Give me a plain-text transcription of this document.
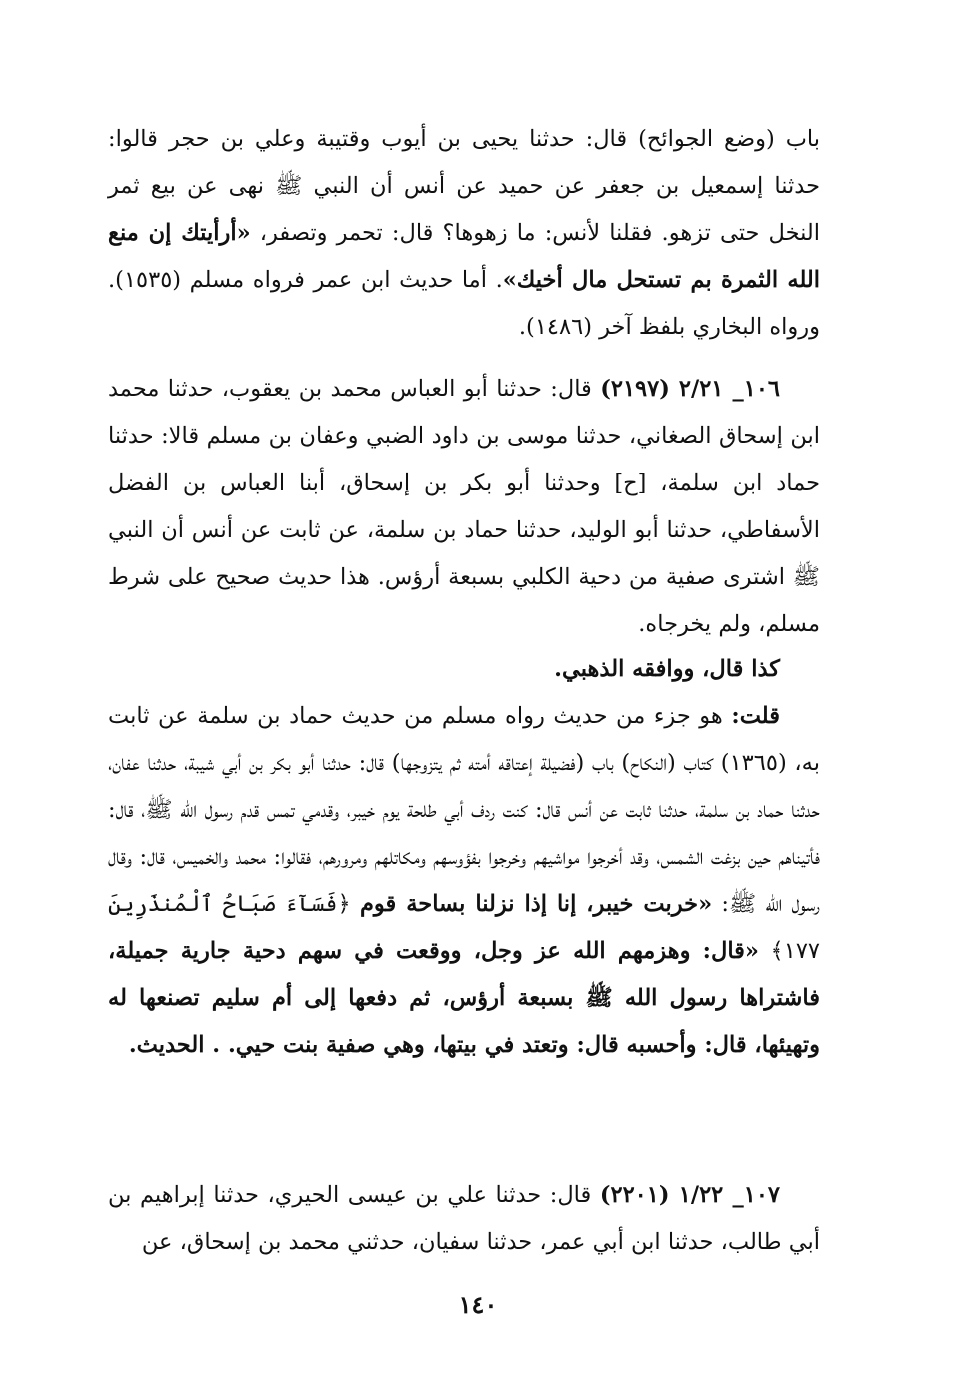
باب (وضع الجوائح) قال: حدثنا يحيى بن أيوب وقتيبة وعلي بن حجر قالوا: حدثنا إسمعيل بن جعفر عن حميد عن أنس أن النبي ﷺ نهى عن بيع ثمر النخل حتى تزهو. فقلنا لأنس: ما زهوها؟ قال: تحمر وتصفر، «أرأيتك إن منع الله الثمرة بم تستحل مال أخيك». أما حديث ابن عمر فرواه مسلم (١٥٣٥). ورواه البخاري بلفظ آخر (١٤٨٦).

١٠٦_ ٢/٢١ (٢١٩٧) قال: حدثنا أبو العباس محمد بن يعقوب، حدثنا محمد ابن إسحاق الصغاني، حدثنا موسى بن داود الضبي وعفان بن مسلم قالا: حدثنا حماد ابن سلمة، [ح] وحدثنا أبو بكر بن إسحاق، أبنا العباس بن الفضل الأسفاطي، حدثنا أبو الوليد، حدثنا حماد بن سلمة، عن ثابت عن أنس أن النبي ﷺ اشترى صفية من دحية الكلبي بسبعة أرؤس. هذا حديث صحيح على شرط مسلم، ولم يخرجاه.

كذا قال، ووافقه الذهبي.

قلت: هو جزء من حديث رواه مسلم من حديث حماد بن سلمة عن ثابت به، (١٣٦٥) كتاب (النكاح) باب (فضيلة إعتاقه أمته ثم يتزوجها) قال: حدثنا أبو بكر بن أبي شيبة، حدثنا عفان، حدثنا حماد بن سلمة، حدثنا ثابت عن أنس قال: كنت ردف أبي طلحة يوم خيبر، وقدمي تمس قدم رسول الله ﷺ، قال: فأتيناهم حين بزغت الشمس، وقد أخرجوا مواشيهم وخرجوا بفؤوسهم ومكاتلهم ومرورهم، فقالوا: محمد والخميس، قال: وقال رسول الله ﷺ: «خربت خيبر، إنا إذا نزلنا بساحة قوم ﴿فَسَآءَ صَبَاحُ ٱلْمُنذَرِينَ ١٧٧﴾ «قال: وهزمهم الله عز وجل، ووقعت في سهم دحية جارية جميلة، فاشتراها رسول الله ﷺ بسبعة أرؤس، ثم دفعها إلى أم سليم تصنعها له وتهيئها، قال: وأحسبه قال: وتعتد في بيتها، وهي صفية بنت حيي. . الحديث.

١٠٧_ ١/٢٢ (٢٢٠١) قال: حدثنا علي بن عيسى الحيري، حدثنا إبراهيم بن أبي طالب، حدثنا ابن أبي عمر، حدثنا سفيان، حدثني محمد بن إسحاق، عن

١٤٠
